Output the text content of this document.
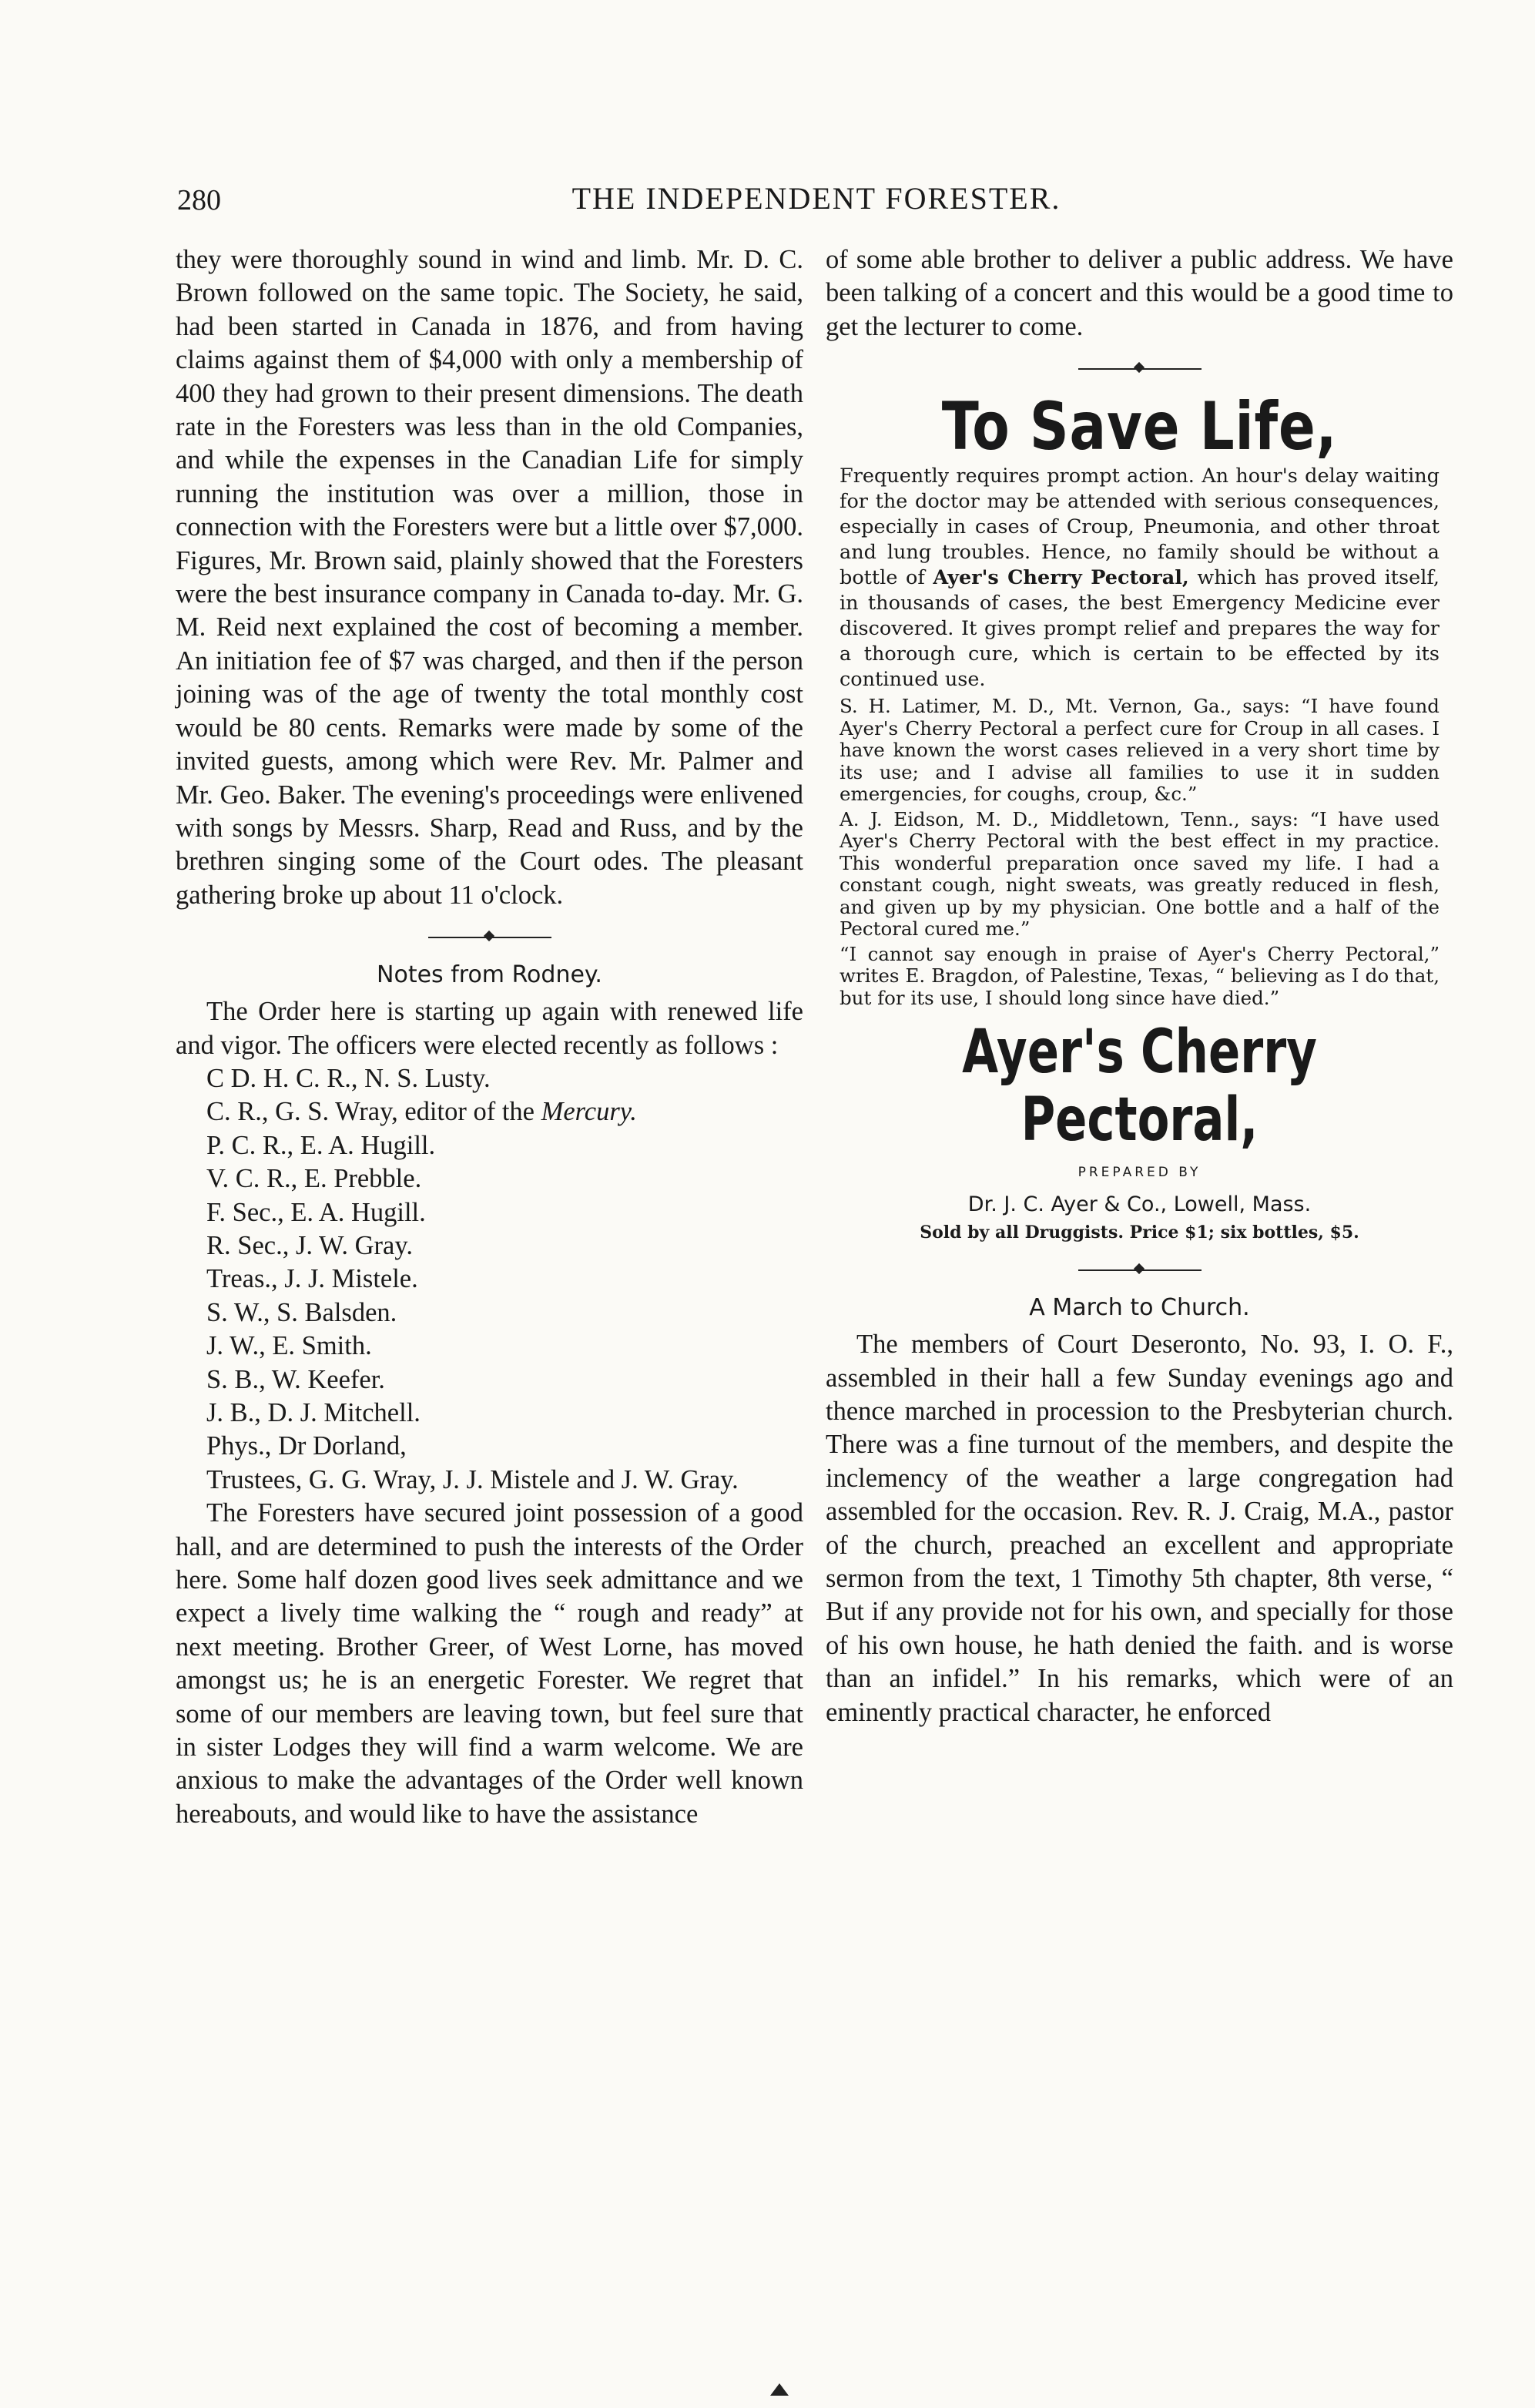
280	THE INDEPENDENT FORESTER.

they were thoroughly sound in wind and limb. Mr. D. C. Brown followed on the same topic. The Society, he said, had been started in Canada in 1876, and from having claims against them of $4,000 with only a membership of 400 they had grown to their present dimensions. The death rate in the Foresters was less than in the old Companies, and while the expenses in the Canadian Life for simply running the institution was over a million, those in connection with the Foresters were but a little over $7,000. Figures, Mr. Brown said, plainly showed that the Foresters were the best insurance company in Canada to-day. Mr. G. M. Reid next explained the cost of becoming a member. An initiation fee of $7 was charged, and then if the person joining was of the age of twenty the total monthly cost would be 80 cents. Remarks were made by some of the invited guests, among which were Rev. Mr. Palmer and Mr. Geo. Baker. The evening's proceedings were enlivened with songs by Messrs. Sharp, Read and Russ, and by the brethren singing some of the Court odes. The pleasant gathering broke up about 11 o'clock.

Notes from Rodney.

The Order here is starting up again with renewed life and vigor. The officers were elected recently as follows :

C D. H. C. R., N. S. Lusty.
C. R., G. S. Wray, editor of the Mercury.
P. C. R., E. A. Hugill.
V. C. R., E. Prebble.
F. Sec., E. A. Hugill.
R. Sec., J. W. Gray.
Treas., J. J. Mistele.
S. W., S. Balsden.
J. W., E. Smith.
S. B., W. Keefer.
J. B., D. J. Mitchell.
Phys., Dr Dorland,

Trustees, G. G. Wray, J. J. Mistele and J. W. Gray.

The Foresters have secured joint possession of a good hall, and are determined to push the interests of the Order here. Some half dozen good lives seek admittance and we expect a lively time walking the “ rough and ready” at next meeting. Brother Greer, of West Lorne, has moved amongst us; he is an energetic Forester. We regret that some of our members are leaving town, but feel sure that in sister Lodges they will find a warm welcome. We are anxious to make the advantages of the Order well known hereabouts, and would like to have the assistance

of some able brother to deliver a public address. We have been talking of a concert and this would be a good time to get the lecturer to come.

To Save Life,

Frequently requires prompt action. An hour's delay waiting for the doctor may be attended with serious consequences, especially in cases of Croup, Pneumonia, and other throat and lung troubles. Hence, no family should be without a bottle of Ayer's Cherry Pectoral, which has proved itself, in thousands of cases, the best Emergency Medicine ever discovered. It gives prompt relief and prepares the way for a thorough cure, which is certain to be effected by its continued use.

S. H. Latimer, M. D., Mt. Vernon, Ga., says: “I have found Ayer's Cherry Pectoral a perfect cure for Croup in all cases. I have known the worst cases relieved in a very short time by its use; and I advise all families to use it in sudden emergencies, for coughs, croup, &c.”

A. J. Eidson, M. D., Middletown, Tenn., says: “I have used Ayer's Cherry Pectoral with the best effect in my practice. This wonderful preparation once saved my life. I had a constant cough, night sweats, was greatly reduced in flesh, and given up by my physician. One bottle and a half of the Pectoral cured me.”

“I cannot say enough in praise of Ayer's Cherry Pectoral,” writes E. Bragdon, of Palestine, Texas, “ believing as I do that, but for its use, I should long since have died.”

Ayer's Cherry Pectoral,
PREPARED BY
Dr. J. C. Ayer & Co., Lowell, Mass.
Sold by all Druggists. Price $1; six bottles, $5.
A March to Church.

The members of Court Deseronto, No. 93, I. O. F., assembled in their hall a few Sunday evenings ago and thence marched in procession to the Presbyterian church. There was a fine turnout of the members, and despite the inclemency of the weather a large congregation had assembled for the occasion. Rev. R. J. Craig, M.A., pastor of the church, preached an excellent and appropriate sermon from the text, 1 Timothy 5th chapter, 8th verse, “ But if any provide not for his own, and specially for those of his own house, he hath denied the faith. and is worse than an infidel.” In his remarks, which were of an eminently practical character, he enforced
